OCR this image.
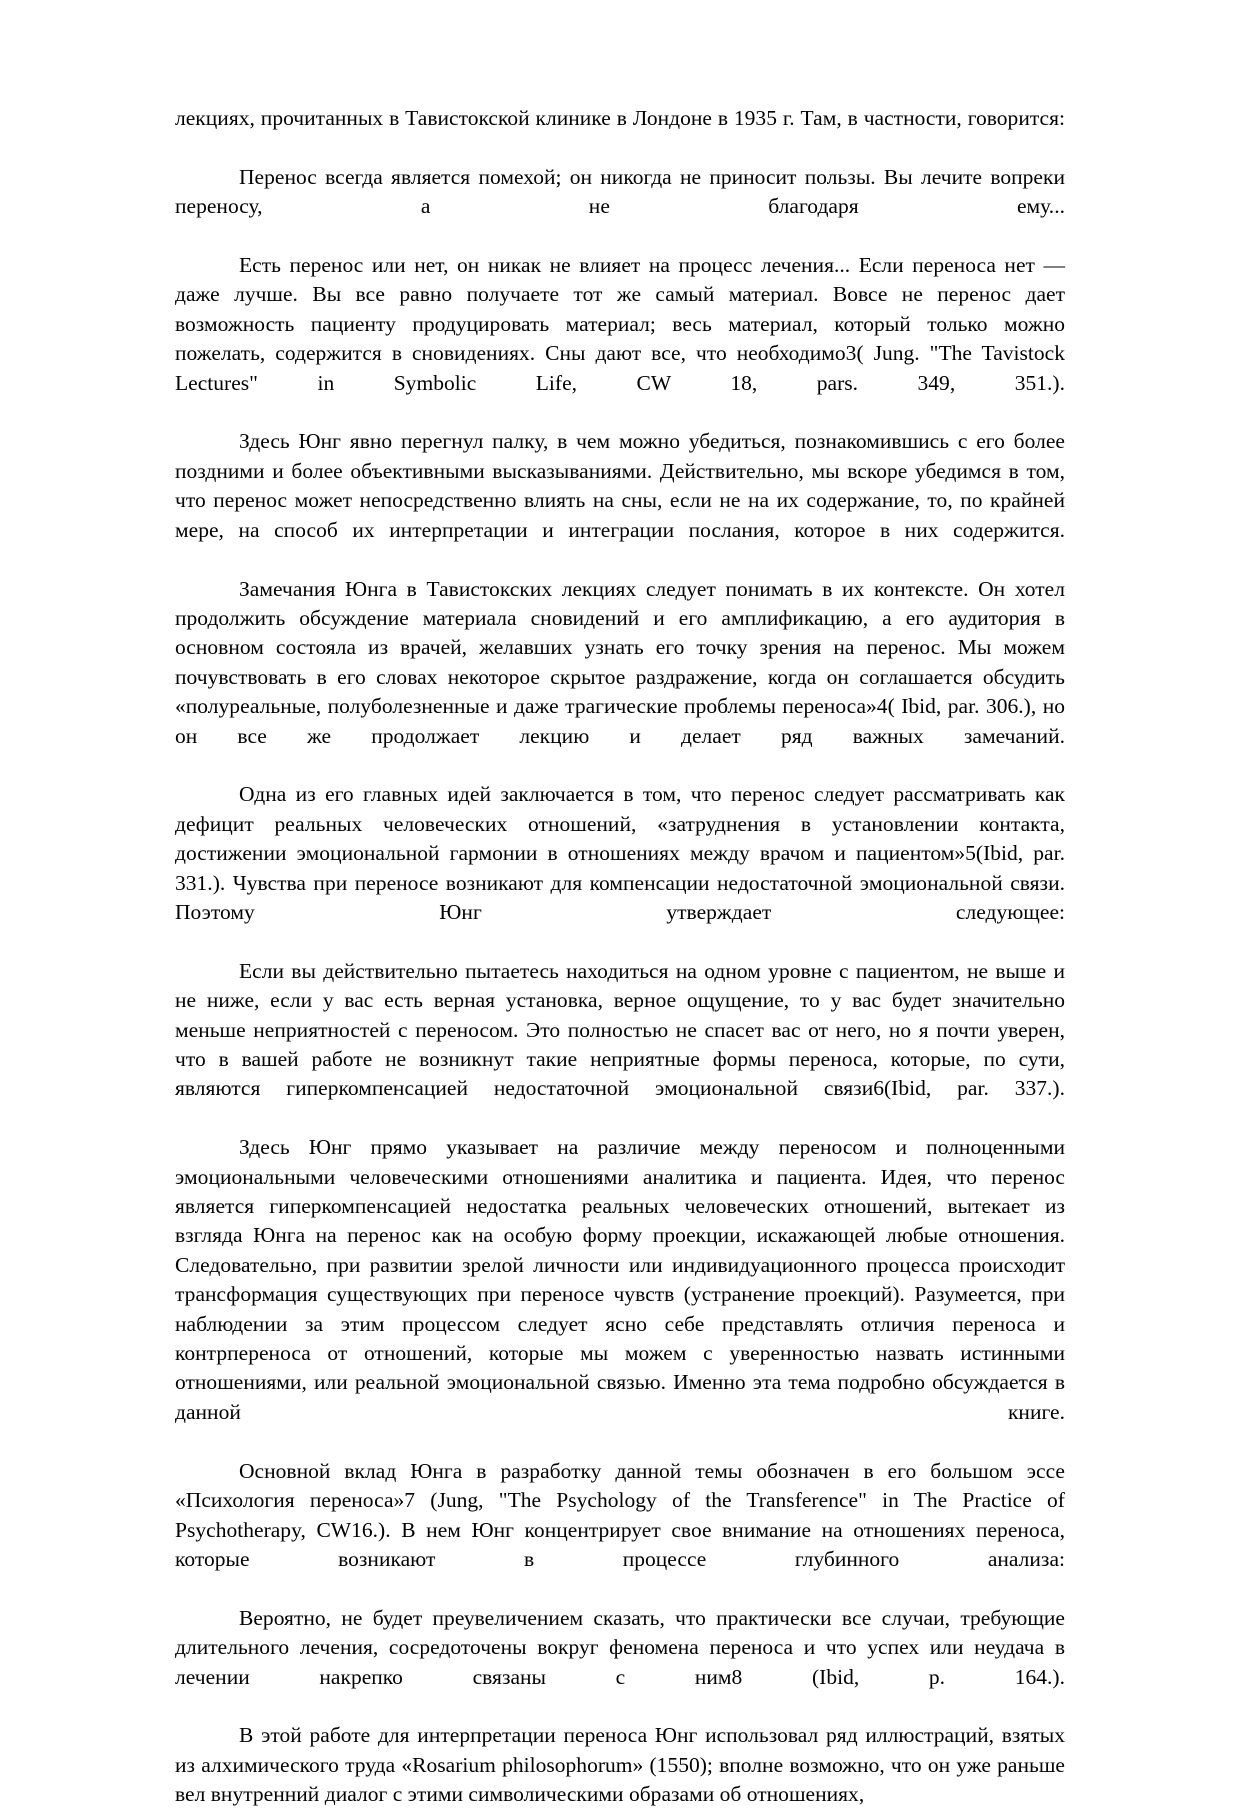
лекциях, прочитанных в Тавистокской клинике в Лондоне в 1935 г. Там, в частности, говорится:

Перенос всегда является помехой; он никогда не приносит пользы. Вы лечите вопреки переносу, а не благодаря ему...

Есть перенос или нет, он никак не влияет на процесс лечения... Если переноса нет — даже лучше. Вы все равно получаете тот же самый материал. Вовсе не перенос дает возможность пациенту продуцировать материал; весь материал, который только можно пожелать, содержится в сновидениях. Сны дают все, что необходимо3( Jung. "The Tavistock Lectures" in Symbolic Life, CW 18, pars. 349, 351.).

Здесь Юнг явно перегнул палку, в чем можно убедиться, познакомившись с его более поздними и более объективными высказываниями. Действительно, мы вскоре убедимся в том, что перенос может непосредственно влиять на сны, если не на их содержание, то, по крайней мере, на способ их интерпретации и интеграции послания, которое в них содержится.

Замечания Юнга в Тавистокских лекциях следует понимать в их контексте. Он хотел продолжить обсуждение материала сновидений и его амплификацию, а его аудитория в основном состояла из врачей, желавших узнать его точку зрения на перенос. Мы можем почувствовать в его словах некоторое скрытое раздражение, когда он соглашается обсудить «полуреальные, полуболезненные и даже трагические проблемы переноса»4( Ibid, par. 306.), но он все же продолжает лекцию и делает ряд важных замечаний.

Одна из его главных идей заключается в том, что перенос следует рассматривать как дефицит реальных человеческих отношений, «затруднения в установлении контакта, достижении эмоциональной гармонии в отношениях между врачом и пациентом»5(Ibid, par. 331.). Чувства при переносе возникают для компенсации недостаточной эмоциональной связи. Поэтому Юнг утверждает следующее:

Если вы действительно пытаетесь находиться на одном уровне с пациентом, не выше и не ниже, если у вас есть верная установка, верное ощущение, то у вас будет значительно меньше неприятностей с переносом. Это полностью не спасет вас от него, но я почти уверен, что в вашей работе не возникнут такие неприятные формы переноса, которые, по сути, являются гиперкомпенсацией недостаточной эмоциональной связи6(Ibid, par. 337.).

Здесь Юнг прямо указывает на различие между переносом и полноценными эмоциональными человеческими отношениями аналитика и пациента. Идея, что перенос является гиперкомпенсацией недостатка реальных человеческих отношений, вытекает из взгляда Юнга на перенос как на особую форму проекции, искажающей любые отношения. Следовательно, при развитии зрелой личности или индивидуационного процесса происходит трансформация существующих при переносе чувств (устранение проекций). Разумеется, при наблюдении за этим процессом следует ясно себе представлять отличия переноса и контрпереноса от отношений, которые мы можем с уверенностью назвать истинными отношениями, или реальной эмоциональной связью. Именно эта тема подробно обсуждается в данной книге.

Основной вклад Юнга в разработку данной темы обозначен в его большом эссе «Психология переноса»7 (Jung, "The Psychology of the Transference" in The Practice of Psychotherapy, CW16.). В нем Юнг концентрирует свое внимание на отношениях переноса, которые возникают в процессе глубинного анализа:

Вероятно, не будет преувеличением сказать, что практически все случаи, требующие длительного лечения, сосредоточены вокруг феномена переноса и что успех или неудача в лечении накрепко связаны с ним8 (Ibid, p. 164.).

В этой работе для интерпретации переноса Юнг использовал ряд иллюстраций, взятых из алхимического труда «Rosarium philosophorum» (1550); вполне возможно, что он уже раньше вел внутренний диалог с этими символическими образами об отношениях,
